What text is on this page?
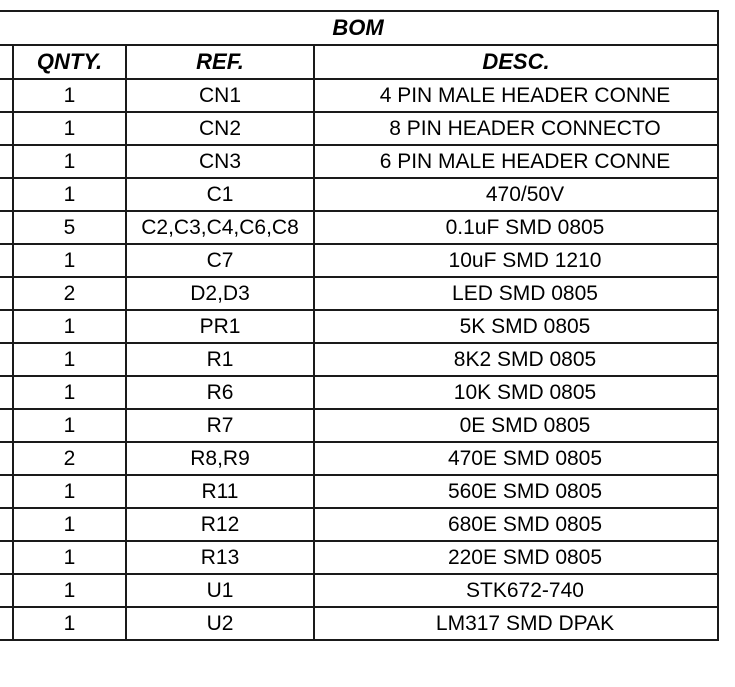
BOM			
	QNTY.	REF.	DESC.
	1	CN1	4 PIN MALE HEADER CONNE

	1	CN2	8 PIN HEADER CONNECTO

	1	CN3	6 PIN MALE HEADER CONNE

	1	C1	470/50V

	5	C2,C3,C4,C6,C8	0.1uF SMD 0805

	1	C7	10uF SMD 1210

	2	D2,D3	LED SMD 0805

	1	PR1	5K SMD 0805

	1	R1	8K2 SMD 0805

	1	R6	10K SMD 0805

	1	R7	0E SMD 0805

	2	R8,R9	470E SMD 0805

	1	R11	560E SMD 0805

	1	R12	680E SMD 0805

	1	R13	220E SMD 0805

	1	U1	STK672-740

	1	U2	LM317 SMD DPAK
